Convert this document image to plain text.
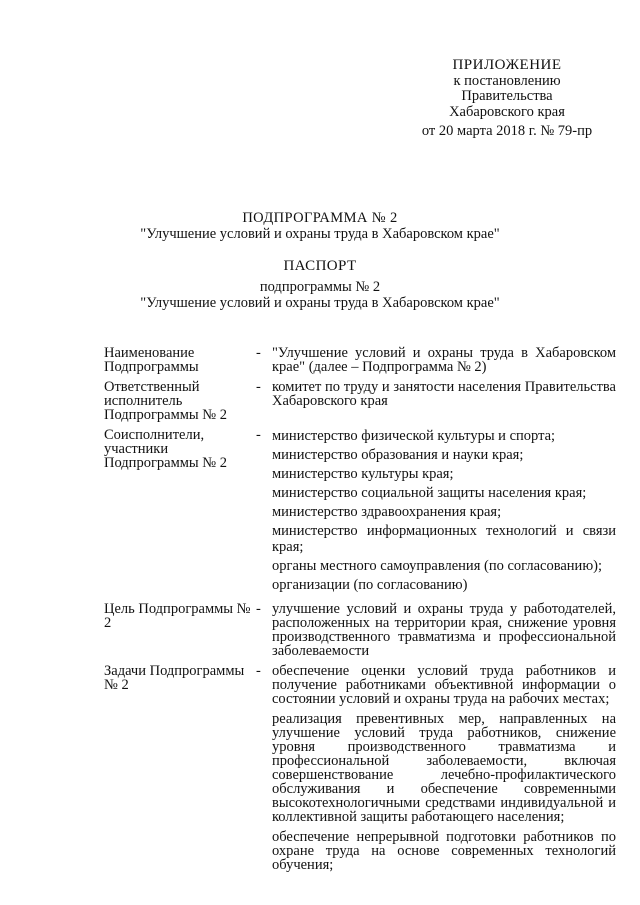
ПРИЛОЖЕНИЕ
к постановлению
Правительства
Хабаровского края
от 20 марта 2018 г. № 79-пр
ПОДПРОГРАММА № 2
"Улучшение условий и охраны труда в Хабаровском крае"
ПАСПОРТ
подпрограммы № 2
"Улучшение условий и охраны труда в Хабаровском крае"
Наименование Подпрограммы
- "Улучшение условий и охраны труда в Хабаровском крае" (далее – Подпрограмма № 2)

Ответственный исполнитель Подпрограммы № 2
- комитет по труду и занятости населения Правительства Хабаровского края

Соисполнители, участники Подпрограммы № 2
- министерство физической культуры и спорта;

министерство образования и науки края;

министерство культуры края;

министерство социальной защиты населения края;

министерство здравоохранения края;

министерство информационных технологий и связи края;

органы местного самоуправления (по согласованию);

организации (по согласованию)

Цель Подпрограммы № 2
- улучшение условий и охраны труда у работодателей, расположенных на территории края, снижение уровня производственного травматизма и профессиональной заболеваемости

Задачи Подпрограммы № 2
- обеспечение оценки условий труда работников и получение работниками объективной информации о состоянии условий и охраны труда на рабочих местах;

реализация превентивных мер, направленных на улучшение условий труда работников, снижение уровня производственного травматизма и профессиональной заболеваемости, включая совершенствование лечебно-профилактического обслуживания и обеспечение современными высокотехнологичными средствами индивидуальной и коллективной защиты работающего населения;

обеспечение непрерывной подготовки работников по охране труда на основе современных технологий обучения;
